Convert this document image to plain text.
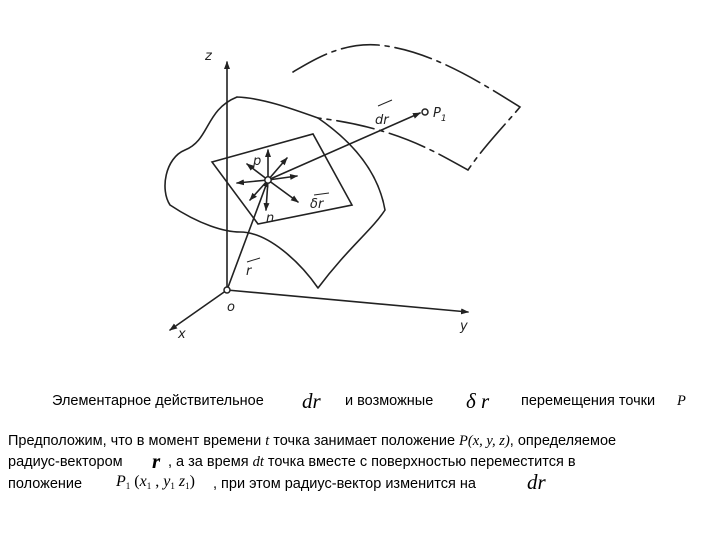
z
x
y
o
$P_1$
dr
p
n
δr
r
Элементарное действительное dr и возможные δ r перемещения точки P
Предположим, что в момент времени t точка занимает положение P(x, y, z), определяемое
радиус-вектором r , а за время dt точка вместе с поверхностью переместится в
положение $P_1$ ($x_1$ , $y_1$ $z_1$) , при этом радиус-вектор изменится на dr
